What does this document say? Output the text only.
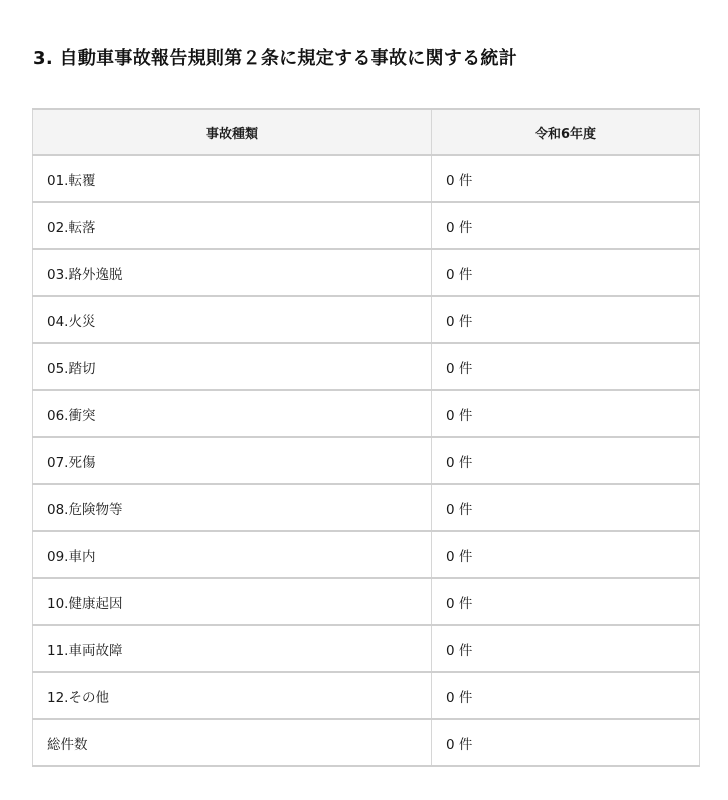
3. 自動車事故報告規則第２条に規定する事故に関する統計
事故種類	令和6年度
01.転覆	0 件
02.転落	0 件
03.路外逸脱	0 件
04.火災	0 件
05.踏切	0 件
06.衝突	0 件
07.死傷	0 件
08.危険物等	0 件
09.車内	0 件
10.健康起因	0 件
11.車両故障	0 件
12.その他	0 件
総件数	0 件
